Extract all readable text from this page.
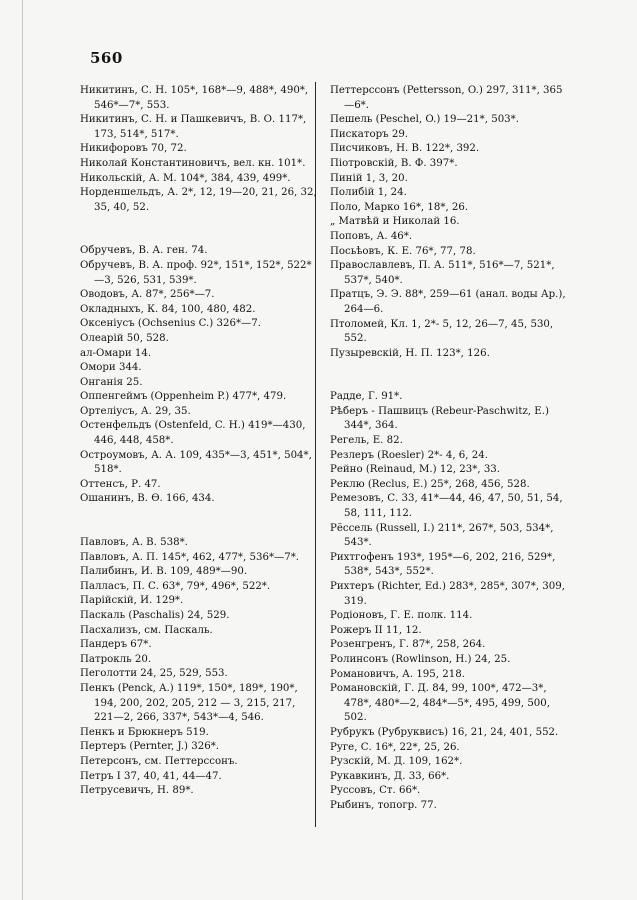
560
Никитинъ, С. Н. 105*, 168*—9, 488*, 490*, 546*—7*, 553.
Никитинъ, С. Н. и Пашкевичъ, В. О. 117*, 173, 514*, 517*.
Никифоровъ 70, 72.
Николай Константиновичъ, вел. кн. 101*.
Никольскій, А. М. 104*, 384, 439, 499*.
Норденшельдъ, А. 2*, 12, 19—20, 21, 26, 32, 35, 40, 52.
Обручевъ, В. А. ген. 74.
Обручевъ, В. А. проф. 92*, 151*, 152*, 522*—3, 526, 531, 539*.
Оводовъ, А. 87*, 256*—7.
Окладныхъ, К. 84, 100, 480, 482.
Оксеніусъ (Ochsenius C.) 326*—7.
Олеарій 50, 528.
ал-Омари 14.
Омори 344.
Онганія 25.
Оппенгеймъ (Oppenheim P.) 477*, 479.
Ортеліусъ, А. 29, 35.
Остенфельдъ (Ostenfeld, C. H.) 419*—430, 446, 448, 458*.
Остроумовъ, А. А. 109, 435*—3, 451*, 504*, 518*.
Оттенсъ, Р. 47.
Ошанинъ, В. Ѳ. 166, 434.
Павловъ, А. В. 538*.
Павловъ, А. П. 145*, 462, 477*, 536*—7*.
Палибинъ, И. В. 109, 489*—90.
Палласъ, П. С. 63*, 79*, 496*, 522*.
Парійскій, И. 129*.
Паскаль (Paschalis) 24, 529.
Пасхализъ, см. Паскаль.
Пандеръ 67*.
Патрокль 20.
Пеголотти 24, 25, 529, 553.
Пенкъ (Penck, A.) 119*, 150*, 189*, 190*, 194, 200, 202, 205, 212 — 3, 215, 217, 221—2, 266, 337*, 543*—4, 546.
Пенкъ и Брюкнеръ 519.
Пертеръ (Pernter, J.) 326*.
Петерсонъ, см. Петтерссонъ.
Петръ I 37, 40, 41, 44—47.
Петрусевичъ, Н. 89*.
Петтерссонъ (Pettersson, O.) 297, 311*, 365—6*.
Пешель (Peschel, O.) 19—21*, 503*.
Пискаторъ 29.
Писчиковъ, Н. В. 122*, 392.
Піотровскій, В. Ф. 397*.
Пиній 1, 3, 20.
Полибій 1, 24.
Поло, Марко 16*, 18*, 26.
„ Матвѣй и Николай 16.
Поповъ, А. 46*.
Посьѣовъ, К. Е. 76*, 77, 78.
Православлевъ, П. А. 511*, 516*—7, 521*, 537*, 540*.
Пратцъ, Э. Э. 88*, 259—61 (анал. воды Ар.), 264—6.
Птоломей, Кл. 1, 2*- 5, 12, 26—7, 45, 530, 552.
Пузыревскій, Н. П. 123*, 126.
Радде, Г. 91*.
Рѣберъ - Пашвицъ (Rebeur-Paschwitz, E.) 344*, 364.
Регель, Е. 82.
Резлеръ (Roesler) 2*- 4, 6, 24.
Рейно (Reinaud, M.) 12, 23*, 33.
Реклю (Reclus, E.) 25*, 268, 456, 528.
Ремезовъ, С. 33, 41*—44, 46, 47, 50, 51, 54, 58, 111, 112.
Рёссель (Russell, I.) 211*, 267*, 503, 534*, 543*.
Рихтгофенъ 193*, 195*—6, 202, 216, 529*, 538*, 543*, 552*.
Рихтеръ (Richter, Ed.) 283*, 285*, 307*, 309, 319.
Родіоновъ, Г. Е. полк. 114.
Рожеръ II 11, 12.
Розенгренъ, Г. 87*, 258, 264.
Ролинсонъ (Rowlinson, H.) 24, 25.
Романовичъ, А. 195, 218.
Романовскій, Г. Д. 84, 99, 100*, 472—3*, 478*, 480*—2, 484*—5*, 495, 499, 500, 502.
Рубрукъ (Рубруквисъ) 16, 21, 24, 401, 552.
Руге, С. 16*, 22*, 25, 26.
Рузскій, М. Д. 109, 162*.
Рукавкинъ, Д. 33, 66*.
Руссовъ, Ст. 66*.
Рыбинъ, топогр. 77.
